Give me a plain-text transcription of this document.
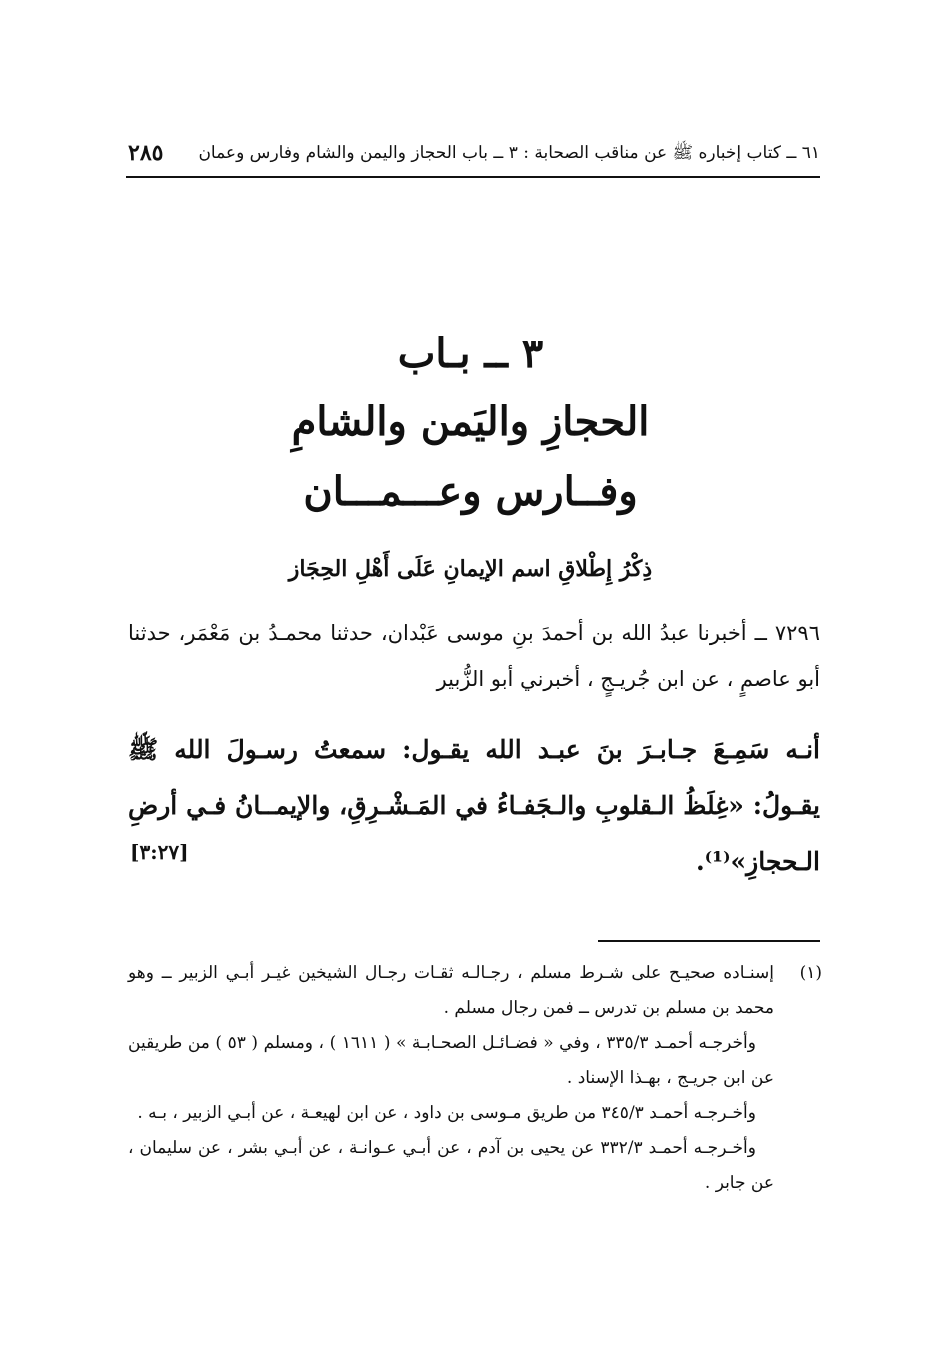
٢٨٥ ٦١ ــ كتاب إخباره ﷺ عن مناقب الصحابة : ٣ ــ باب الحجاز واليمن والشام وفارس وعمان
٣ ــ بـاب
الحجازِ واليَمن والشامِ
وفــارس وعـــمـــان
ذِكْرُ إِطْلاقِ اسم الإيمانِ عَلَى أَهْلِ الحِجَاز
٧٢٩٦ ــ أخبرنا عبدُ الله بن أحمدَ بنِ موسى عَبْدان، حدثنا محمـدُ بن مَعْمَر، حدثنا أبو عاصمٍ ، عن ابن جُريـجٍ ، أخبرني أبو الزُّبير
أنـه سَمِـعَ جـابـرَ بنَ عبـد الله يقـول: سمعتُ رسـولَ الله ﷺ يقـولُ: «غِلَظُ الـقلوبِ والـجَفـاءُ في المَـشْـرِقِ، والإيمــانُ فـي أرضِ الـحجازِ»⁽¹⁾.
[٣:٢٧]
(١)

إسنـاده صحيـح على شـرط مسلم ، رجـالـه ثقـات رجـال الشيخين غيـر أبـي الزبير ــ وهو محمد بن مسلم بن تدرس ــ فمن رجال مسلم .

وأخرجـه أحمـد ٣٣٥/٣ ، وفي « فضـائـل الصحـابـة » ( ١٦١١ ) ، ومسلم ( ٥٣ ) من طريقين عن ابن جريـج ، بهـذا الإسناد .

وأخـرجـه أحمـد ٣٤٥/٣ من طريق مـوسى بن داود ، عن ابن لهيعـة ، عن أبـي الزبير ، بـه .

وأخـرجـه أحمـد ٣٣٢/٣ عن يحيى بن آدم ، عن أبـي عـوانـة ، عن أبـي بشر ، عن سليمان ، عن جابر .
